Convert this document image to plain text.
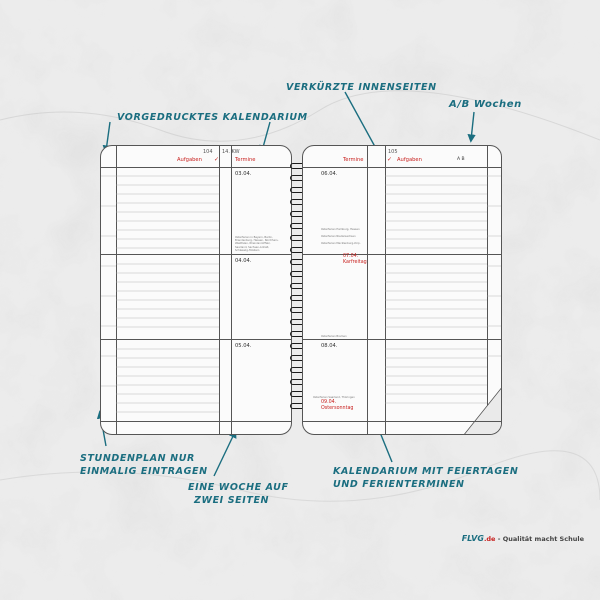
VORGEDRUCKTES KALENDARIUM
VERKÜRZTE INNENSEITEN
A/B Wochen
STUNDENPLAN NUR
EINMALIG EINTRAGEN
EINE WOCHE AUF
ZWEI SEITEN
KALENDARIUM MIT FEIERTAGEN
UND FERIENTERMINEN
104 14. KW
Aufgaben ✓	Termine
03.04.
04.04.
05.04.
Osterferien in Bayern, Berlin,
Brandenburg, Hessen, Nordrhein-
Westfalen, Rheinland-Pfalz,
Saarland, Sachsen-Anhalt,
Schleswig-Holstein
105
Termine	✓ Aufgaben	A B
06.04.
Osterferien Hamburg, Hessen
Osterferien Niedersachsen
Osterferien Mecklenburg-Vorp.
07.04.
Karfreitag
Osterferien Bremen
08.04.
Osterferien Saarland, Thüringen
09.04.
Ostersonntag
FLVG.de - Qualität macht Schule
